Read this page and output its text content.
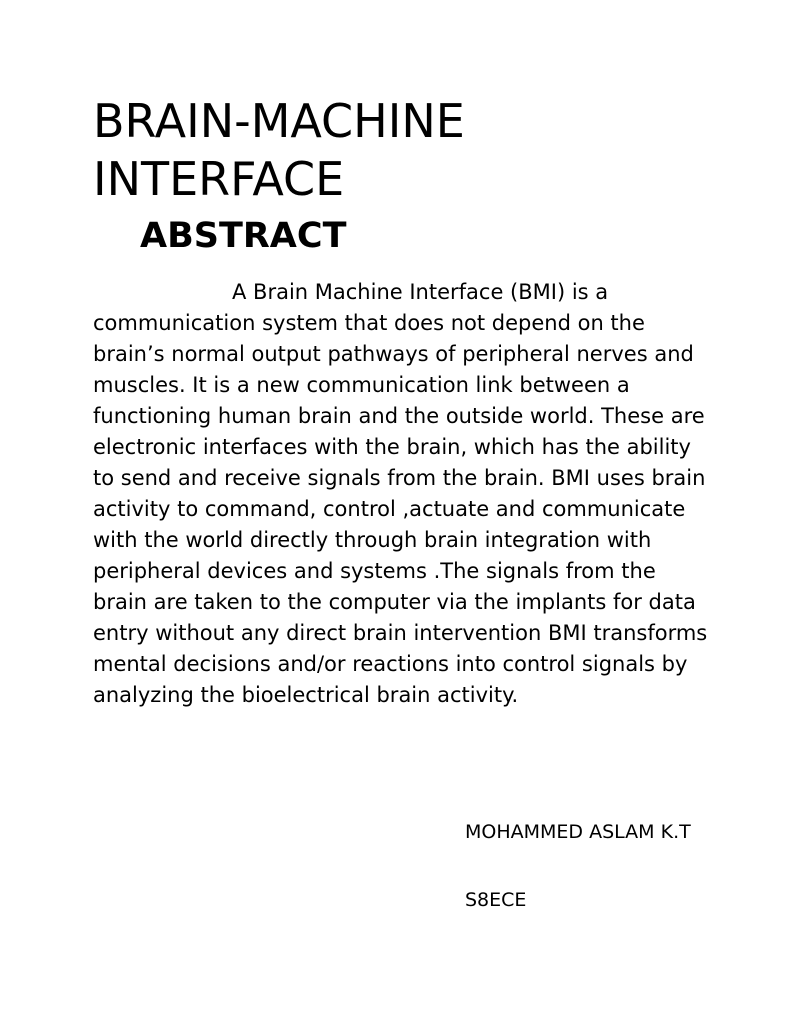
BRAIN-MACHINE INTERFACE
ABSTRACT

A Brain Machine Interface (BMI) is a communication system that does not depend on the brain’s normal output pathways of peripheral nerves and muscles. It is a new communication link between a functioning human brain and the outside world. These are electronic interfaces with the brain, which has the ability to send and receive signals from the brain. BMI uses brain activity to command, control ,actuate and communicate with the world directly through brain integration with peripheral devices and systems .The signals from the brain are taken to the computer via the implants for data entry without any direct brain intervention BMI transforms mental decisions and/or reactions into control signals by analyzing the bioelectrical brain activity.

MOHAMMED ASLAM K.T

S8ECE
